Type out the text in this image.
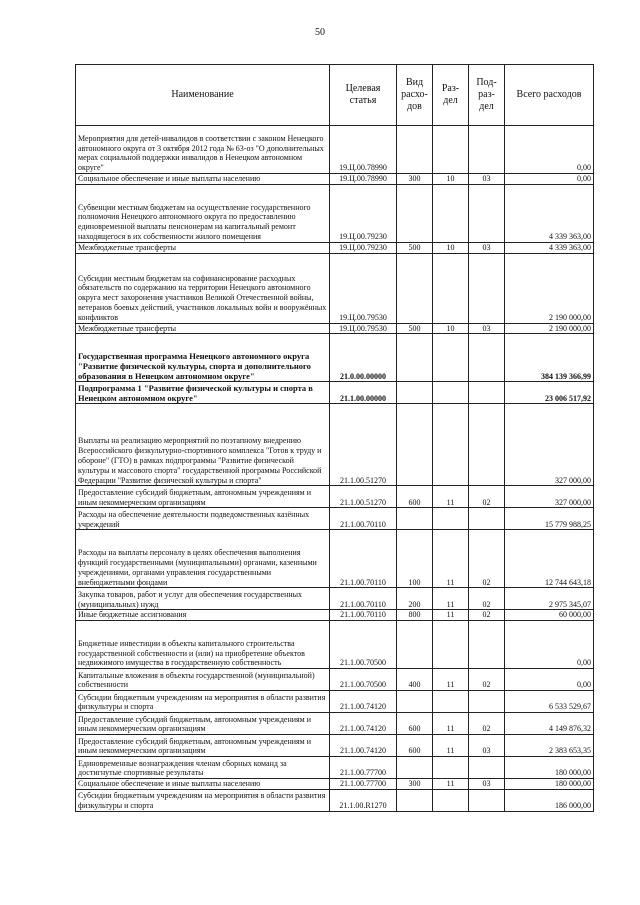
50
Наименование	Целевая статья	Вид расхо- дов	Раз- дел	Под- раз- дел	Всего расходов
Мероприятия для детей-инвалидов в соответствии с законом Ненецкого автономного округа от 3 октября 2012 года № 63-оз "О дополнительных мерах социальной поддержки инвалидов в Ненецком автономном округе"	19.Ц.00.78990				0,00
Социальное обеспечение и иные выплаты населению	19.Ц.00.78990	300	10	03	0,00
Субвенции местным бюджетам на осуществление государственного полномочия Ненецкого автономного округа по предоставлению единовременной выплаты пенсионерам на капитальный ремонт находящегося в их собственности жилого помещения	19.Ц.00.79230				4 339 363,00
Межбюджетные трансферты	19.Ц.00.79230	500	10	03	4 339 363,00
Субсидии местным бюджетам на софинансирование расходных обязательств по содержанию на территории Ненецкого автономного округа мест захоронения участников Великой Отечественной войны, ветеранов боевых действий, участников локальных войн и вооружённых конфликтов	19.Ц.00.79530				2 190 000,00
Межбюджетные трансферты	19.Ц.00.79530	500	10	03	2 190 000,00
Государственная программа Ненецкого автономного округа "Развитие физической культуры, спорта и дополнительного образования в Ненецком автономном округе"	21.0.00.00000				384 139 366,99
Подпрограмма 1 "Развитие физической культуры и спорта в Ненецком автономном округе"	21.1.00.00000				23 006 517,92
Выплаты на реализацию мероприятий по поэтапному внедрению Всероссийского физкультурно-спортивного комплекса "Готов к труду и обороне" (ГТО) в рамках подпрограммы "Развитие физической культуры и массового спорта" государственной программы Российской Федерации "Развитие физической культуры и спорта"	21.1.00.51270				327 000,00
Предоставление субсидий бюджетным, автономным учреждениям и иным некоммерческим организациям	21.1.00.51270	600	11	02	327 000,00
Расходы на обеспечение деятельности подведомственных казённых учреждений	21.1.00.70110				15 779 988,25
Расходы на выплаты персоналу в целях обеспечения выполнения функций государственными (муниципальными) органами, казенными учреждениями, органами управления государственными внебюджетными фондами	21.1.00.70110	100	11	02	12 744 643,18
Закупка товаров, работ и услуг для обеспечения государственных (муниципальных) нужд	21.1.00.70110	200	11	02	2 975 345,07
Иные бюджетные ассигнования	21.1.00.70110	800	11	02	60 000,00
Бюджетные инвестиции в объекты капитального строительства государственной собственности и (или) на приобретение объектов недвижимого имущества в государственную собственность	21.1.00.70500				0,00
Капитальные вложения в объекты государственной (муниципальной) собственности	21.1.00.70500	400	11	02	0,00
Субсидии бюджетным учреждениям на мероприятия в области развития физкультуры и спорта	21.1.00.74120				6 533 529,67
Предоставление субсидий бюджетным, автономным учреждениям и иным некоммерческим организациям	21.1.00.74120	600	11	02	4 149 876,32
Предоставление субсидий бюджетным, автономным учреждениям и иным некоммерческим организациям	21.1.00.74120	600	11	03	2 383 653,35
Единовременные вознаграждения членам сборных команд за достигнутые спортивные результаты	21.1.00.77700				180 000,00
Социальное обеспечение и иные выплаты населению	21.1.00.77700	300	11	03	180 000,00
Субсидии бюджетным учреждениям на мероприятия в области развития физкультуры и спорта	21.1.00.R1270				186 000,00
